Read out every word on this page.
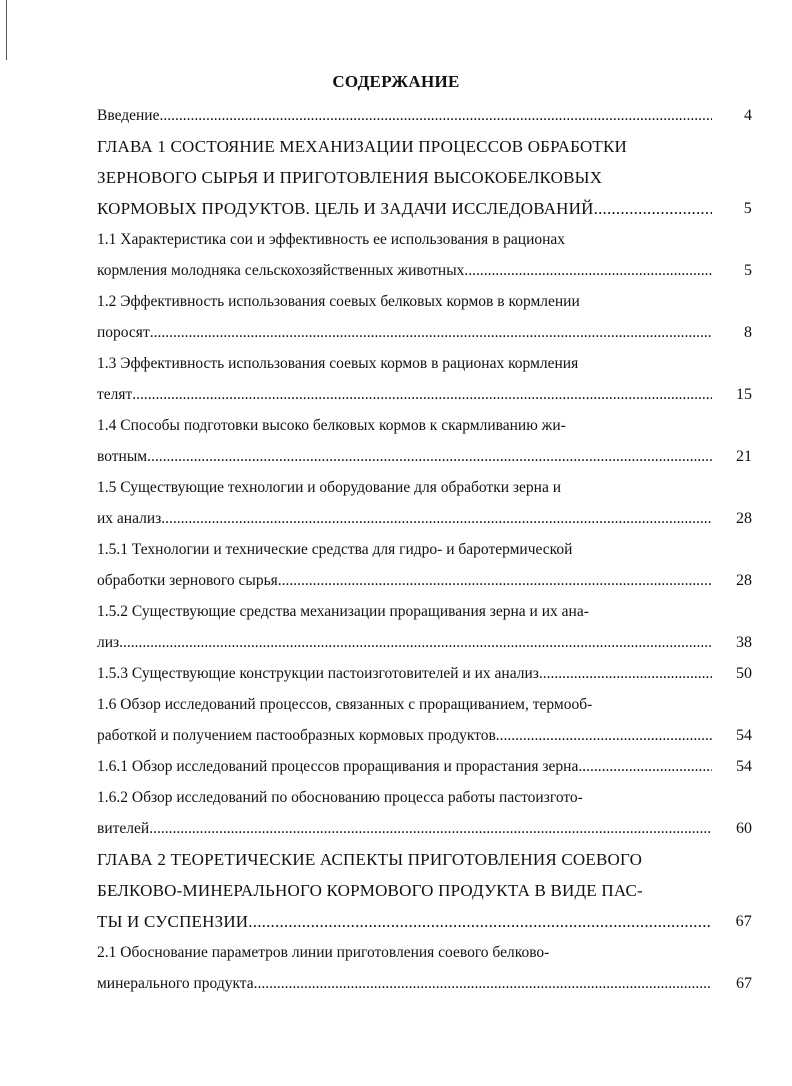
СОДЕРЖАНИЕ
Введение .....	4
ГЛАВА 1 СОСТОЯНИЕ МЕХАНИЗАЦИИ ПРОЦЕССОВ ОБРАБОТКИ
ЗЕРНОВОГО СЫРЬЯ И ПРИГОТОВЛЕНИЯ ВЫСОКОБЕЛКОВЫХ
КОРМОВЫХ ПРОДУКТОВ. ЦЕЛЬ И ЗАДАЧИ ИССЛЕДОВАНИЙ .....	5
1.1 Характеристика сои и эффективность ее использования в рационах
кормления молодняка сельскохозяйственных животных .....	5
1.2 Эффективность использования соевых белковых кормов в кормлении
поросят .....	8
1.3 Эффективность использования соевых кормов в рационах кормления
телят .....	15
1.4 Способы подготовки высоко белковых кормов к скармливанию жи-
вотным .....	21
1.5 Существующие технологии и оборудование для обработки зерна и
их анализ .....	28
1.5.1 Технологии и технические средства для гидро- и баротермической
обработки зернового сырья .....	28
1.5.2 Существующие средства механизации проращивания зерна и их ана-
лиз .....	38
1.5.3 Существующие конструкции пастоизготовителей и их анализ .....	50
1.6 Обзор исследований процессов, связанных с проращиванием, термооб-
работкой и получением пастообразных кормовых продуктов .....	54
1.6.1 Обзор исследований процессов проращивания и прорастания зерна .....	54
1.6.2 Обзор исследований по обоснованию процесса работы пастоизгото-
вителей .....	60
ГЛАВА 2 ТЕОРЕТИЧЕСКИЕ АСПЕКТЫ ПРИГОТОВЛЕНИЯ СОЕВОГО
БЕЛКОВО-МИНЕРАЛЬНОГО КОРМОВОГО ПРОДУКТА В ВИДЕ ПАС-
ТЫ И СУСПЕНЗИИ .....	67
2.1 Обоснование параметров линии приготовления соевого белково-
минерального продукта .....	67
